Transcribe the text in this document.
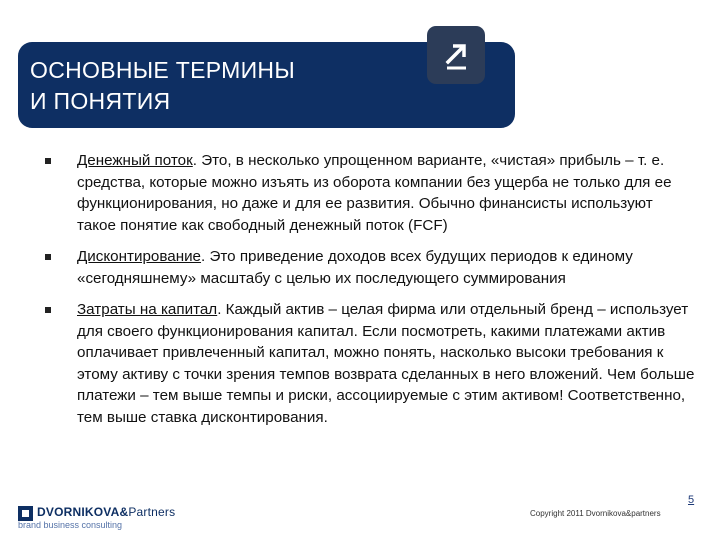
ОСНОВНЫЕ ТЕРМИНЫ
И ПОНЯТИЯ
Денежный поток. Это, в несколько упрощенном варианте, «чистая» прибыль – т. е. средства, которые можно изъять из оборота компании без ущерба не только для ее функционирования, но даже и для ее развития. Обычно финансисты используют такое понятие как свободный денежный поток (FCF)
Дисконтирование. Это приведение доходов всех будущих периодов к единому «сегодняшнему» масштабу с целью их последующего суммирования
Затраты на капитал. Каждый актив – целая фирма или отдельный бренд – использует для своего функционирования капитал. Если посмотреть, какими платежами актив оплачивает привлеченный капитал, можно понять, насколько высоки требования к этому активу с точки зрения темпов возврата сделанных в него вложений. Чем больше платежи – тем выше темпы и риски, ассоциируемые с этим активом! Соответственно, тем выше ставка дисконтирования.
DVORNIKOVA&Partners
brand business consulting
Copyright 2011 Dvornikova&partners
5
